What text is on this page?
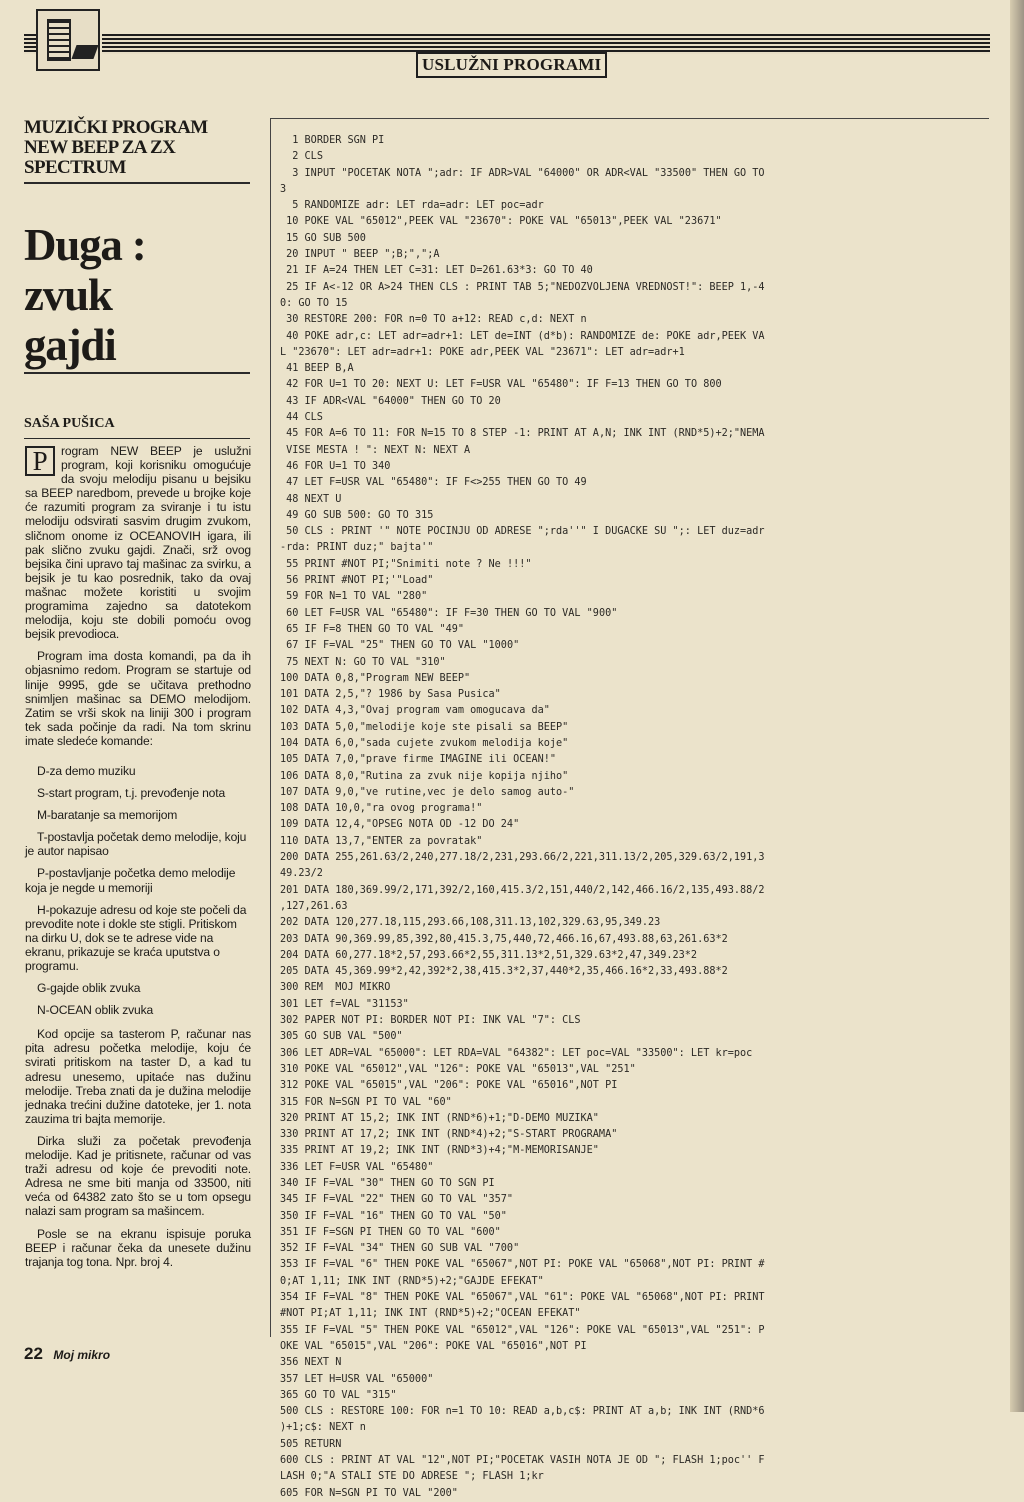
USLUŽNI PROGRAMI
MUZIČKI PROGRAM
NEW BEEP ZA ZX
SPECTRUM
Duga :
zvuk
gajdi
SAŠA PUŠICA

P	rogram NEW BEEP je uslužni program, koji korisniku omogućuje da svoju melodiju pisanu u bejsiku sa BEEP naredbom, prevede u brojke koje će razumiti program za sviranje i tu istu melodiju odsvirati sasvim drugim zvukom, sličnom onome iz OCEANOVIH igara, ili pak slično zvuku gajdi. Znači, srž ovog bejsika čini upravo taj mašinac za svirku, a bejsik je tu kao posrednik, tako da ovaj mašnac možete koristiti u svojim programima zajedno sa datotekom melodija, koju ste dobili pomoću ovog bejsik prevodioca.

Program ima dosta komandi, pa da ih objasnimo redom. Program se startuje od linije 9995, gde se učitava prethodno snimljen mašinac sa DEMO melodijom. Zatim se vrši skok na liniji 300 i program tek sada počinje da radi. Na tom skrinu imate sledeće komande:

D-za demo muziku

S-start program, t.j. prevođenje nota

M-baratanje sa memorijom

T-postavlja početak demo melodije, koju je autor napisao

P-postavljanje početka demo melodije koja je negde u memoriji

H-pokazuje adresu od koje ste počeli da prevodite note i dokle ste stigli. Pritiskom na dirku U, dok se te adrese vide na ekranu, prikazuje se kraća uputstva o programu.

G-gajde oblik zvuka

N-OCEAN oblik zvuka

Kod opcije sa tasterom P, računar nas pita adresu početka melodije, koju će svirati pritiskom na taster D, a kad tu adresu unesemo, upitaće nas dužinu melodije. Treba znati da je dužina melodije jednaka trećini dužine datoteke, jer 1. nota zauzima tri bajta memorije.

Dirka služi za početak prevođenja melodije. Kad je pritisnete, računar od vas traži adresu od koje će prevoditi note. Adresa ne sme biti manja od 33500, niti veća od 64382 zato što se u tom opsegu nalazi sam program sa mašincem.

Posle se na ekranu ispisuje poruka BEEP i računar čeka da unesete dužinu trajanja tog tona. Npr. broj 4.

1 BORDER SGN PI
2 CLS
3 INPUT "POCETAK NOTA ";adr: IF ADR>VAL "64000" OR ADR<VAL "33500" THEN GO TO
3
5 RANDOMIZE adr: LET rda=adr: LET poc=adr
10 POKE VAL "65012",PEEK VAL "23670": POKE VAL "65013",PEEK VAL "23671"
15 GO SUB 500
20 INPUT " BEEP ";B;",";A
21 IF A=24 THEN LET C=31: LET D=261.63*3: GO TO 40
25 IF A<-12 OR A>24 THEN CLS : PRINT TAB 5;"NEDOZVOLJENA VREDNOST!": BEEP 1,-4
0: GO TO 15
30 RESTORE 200: FOR n=0 TO a+12: READ c,d: NEXT n
40 POKE adr,c: LET adr=adr+1: LET de=INT (d*b): RANDOMIZE de: POKE adr,PEEK VA
L "23670": LET adr=adr+1: POKE adr,PEEK VAL "23671": LET adr=adr+1
41 BEEP B,A
42 FOR U=1 TO 20: NEXT U: LET F=USR VAL "65480": IF F=13 THEN GO TO 800
43 IF ADR<VAL "64000" THEN GO TO 20
44 CLS
45 FOR A=6 TO 11: FOR N=15 TO 8 STEP -1: PRINT AT A,N; INK INT (RND*5)+2;"NEMA
VISE MESTA ! ": NEXT N: NEXT A
46 FOR U=1 TO 340
47 LET F=USR VAL "65480": IF F<>255 THEN GO TO 49
48 NEXT U
49 GO SUB 500: GO TO 315
50 CLS : PRINT '" NOTE POCINJU OD ADRESE ";rda''" I DUGACKE SU ";: LET duz=adr
-rda: PRINT duz;" bajta'"
55 PRINT #NOT PI;"Snimiti note ? Ne !!!"
56 PRINT #NOT PI;'"Load"
59 FOR N=1 TO VAL "280"
60 LET F=USR VAL "65480": IF F=30 THEN GO TO VAL "900"
65 IF F=8 THEN GO TO VAL "49"
67 IF F=VAL "25" THEN GO TO VAL "1000"
75 NEXT N: GO TO VAL "310"
100 DATA 0,8,"Program NEW BEEP"
101 DATA 2,5,"? 1986 by Sasa Pusica"
102 DATA 4,3,"Ovaj program vam omogucava da"
103 DATA 5,0,"melodije koje ste pisali sa BEEP"
104 DATA 6,0,"sada cujete zvukom melodija koje"
105 DATA 7,0,"prave firme IMAGINE ili OCEAN!"
106 DATA 8,0,"Rutina za zvuk nije kopija njiho"
107 DATA 9,0,"ve rutine,vec je delo samog auto-"
108 DATA 10,0,"ra ovog programa!"
109 DATA 12,4,"OPSEG NOTA OD -12 DO 24"
110 DATA 13,7,"ENTER za povratak"
200 DATA 255,261.63/2,240,277.18/2,231,293.66/2,221,311.13/2,205,329.63/2,191,3
49.23/2
201 DATA 180,369.99/2,171,392/2,160,415.3/2,151,440/2,142,466.16/2,135,493.88/2
,127,261.63
202 DATA 120,277.18,115,293.66,108,311.13,102,329.63,95,349.23
203 DATA 90,369.99,85,392,80,415.3,75,440,72,466.16,67,493.88,63,261.63*2
204 DATA 60,277.18*2,57,293.66*2,55,311.13*2,51,329.63*2,47,349.23*2
205 DATA 45,369.99*2,42,392*2,38,415.3*2,37,440*2,35,466.16*2,33,493.88*2
300 REM  MOJ MIKRO
301 LET f=VAL "31153"
302 PAPER NOT PI: BORDER NOT PI: INK VAL "7": CLS
305 GO SUB VAL "500"
306 LET ADR=VAL "65000": LET RDA=VAL "64382": LET poc=VAL "33500": LET kr=poc
310 POKE VAL "65012",VAL "126": POKE VAL "65013",VAL "251"
312 POKE VAL "65015",VAL "206": POKE VAL "65016",NOT PI
315 FOR N=SGN PI TO VAL "60"
320 PRINT AT 15,2; INK INT (RND*6)+1;"D-DEMO MUZIKA"
330 PRINT AT 17,2; INK INT (RND*4)+2;"S-START PROGRAMA"
335 PRINT AT 19,2; INK INT (RND*3)+4;"M-MEMORISANJE"
336 LET F=USR VAL "65480"
340 IF F=VAL "30" THEN GO TO SGN PI
345 IF F=VAL "22" THEN GO TO VAL "357"
350 IF F=VAL "16" THEN GO TO VAL "50"
351 IF F=SGN PI THEN GO TO VAL "600"
352 IF F=VAL "34" THEN GO SUB VAL "700"
353 IF F=VAL "6" THEN POKE VAL "65067",NOT PI: POKE VAL "65068",NOT PI: PRINT #
0;AT 1,11; INK INT (RND*5)+2;"GAJDE EFEKAT"
354 IF F=VAL "8" THEN POKE VAL "65067",VAL "61": POKE VAL "65068",NOT PI: PRINT
#NOT PI;AT 1,11; INK INT (RND*5)+2;"OCEAN EFEKAT"
355 IF F=VAL "5" THEN POKE VAL "65012",VAL "126": POKE VAL "65013",VAL "251": P
OKE VAL "65015",VAL "206": POKE VAL "65016",NOT PI
356 NEXT N
357 LET H=USR VAL "65000"
365 GO TO VAL "315"
500 CLS : RESTORE 100: FOR n=1 TO 10: READ a,b,c$: PRINT AT a,b; INK INT (RND*6
)+1;c$: NEXT n
505 RETURN
600 CLS : PRINT AT VAL "12",NOT PI;"POCETAK VASIH NOTA JE OD "; FLASH 1;poc'' F
LASH 0;"A STALI STE DO ADRESE "; FLASH 1;kr
605 FOR N=SGN PI TO VAL "200"
22 Moj mikro
